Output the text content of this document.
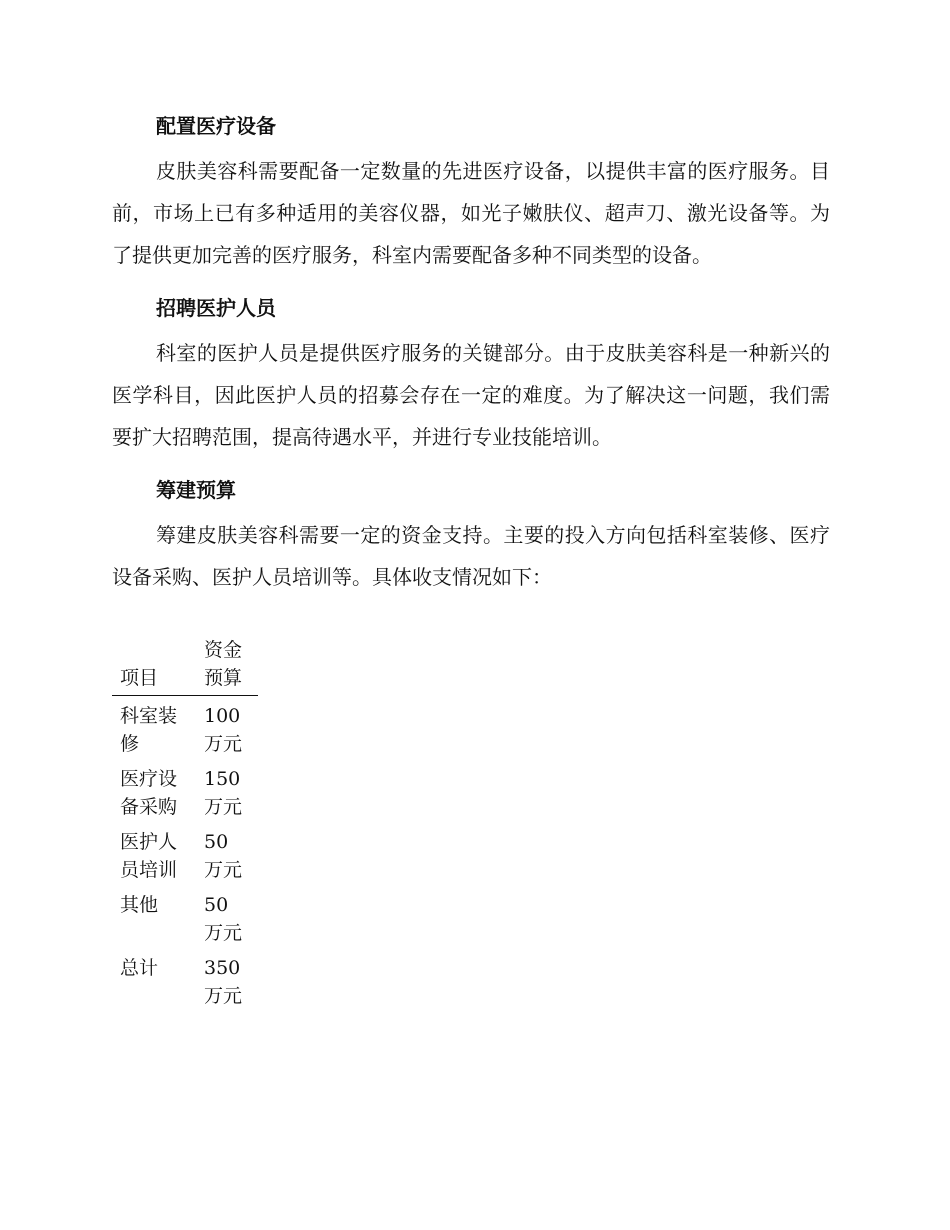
配置医疗设备

皮肤美容科需要配备一定数量的先进医疗设备，以提供丰富的医疗服务。目前，市场上已有多种适用的美容仪器，如光子嫩肤仪、超声刀、激光设备等。为了提供更加完善的医疗服务，科室内需要配备多种不同类型的设备。

招聘医护人员

科室的医护人员是提供医疗服务的关键部分。由于皮肤美容科是一种新兴的医学科目，因此医护人员的招募会存在一定的难度。为了解决这一问题，我们需要扩大招聘范围，提高待遇水平，并进行专业技能培训。

筹建预算

筹建皮肤美容科需要一定的资金支持。主要的投入方向包括科室装修、医疗设备采购、医护人员培训等。具体收支情况如下：

项目	资金预算
科室装修	100 万元
医疗设备采购	150 万元
医护人员培训	50 万元
其他	50 万元
总计	350 万元
